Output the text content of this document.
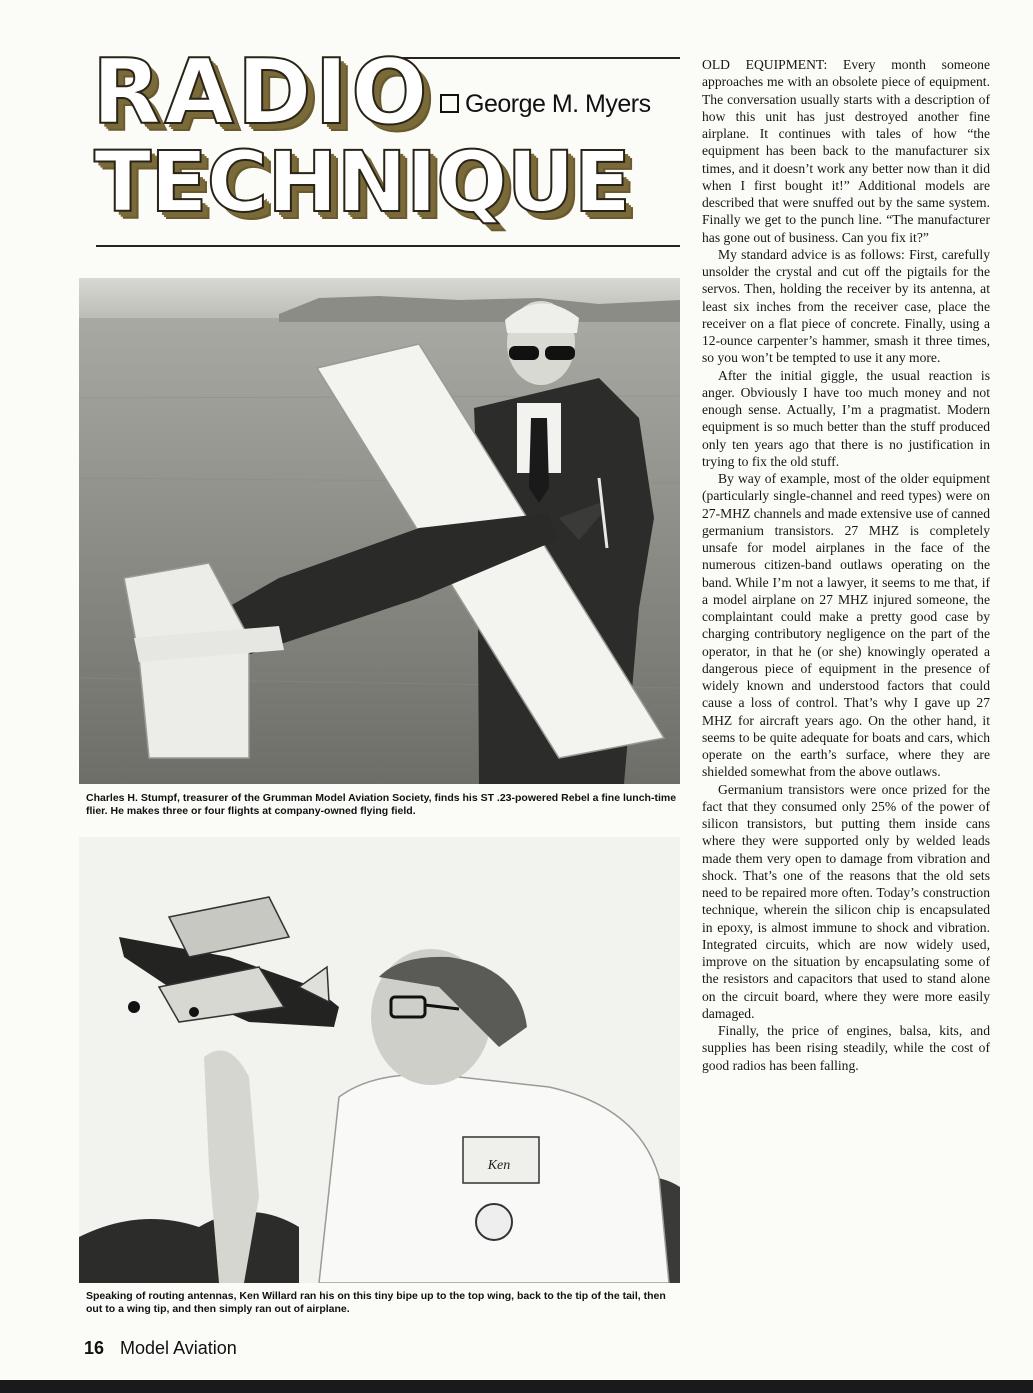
RADIO
TECHNIQUE
George M. Myers

Charles H. Stumpf, treasurer of the Grumman Model Aviation Society, finds his ST .23-powered Rebel a fine lunch-time flier. He makes three or four flights at company-owned flying field.

Ken

Speaking of routing antennas, Ken Willard ran his on this tiny bipe up to the top wing, back to the tip of the tail, then out to a wing tip, and then simply ran out of airplane.

OLD EQUIPMENT: Every month someone approaches me with an obsolete piece of equipment. The conversation usually starts with a description of how this unit has just destroyed another fine airplane. It continues with tales of how “the equipment has been back to the manufacturer six times, and it doesn’t work any better now than it did when I first bought it!” Additional models are described that were snuffed out by the same system. Finally we get to the punch line. “The manufacturer has gone out of business. Can you fix it?”

My standard advice is as follows: First, carefully unsolder the crystal and cut off the pigtails for the servos. Then, holding the receiver by its antenna, at least six inches from the receiver case, place the receiver on a flat piece of concrete. Finally, using a 12-ounce carpenter’s hammer, smash it three times, so you won’t be tempted to use it any more.

After the initial giggle, the usual reaction is anger. Obviously I have too much money and not enough sense. Actually, I’m a pragmatist. Modern equipment is so much better than the stuff produced only ten years ago that there is no justification in trying to fix the old stuff.

By way of example, most of the older equipment (particularly single-channel and reed types) were on 27-MHZ channels and made extensive use of canned germanium transistors. 27 MHZ is completely unsafe for model airplanes in the face of the numerous citizen-band outlaws operating on the band. While I’m not a lawyer, it seems to me that, if a model airplane on 27 MHZ injured someone, the complaintant could make a pretty good case by charging contributory negligence on the part of the operator, in that he (or she) knowingly operated a dangerous piece of equipment in the presence of widely known and understood factors that could cause a loss of control. That’s why I gave up 27 MHZ for aircraft years ago. On the other hand, it seems to be quite adequate for boats and cars, which operate on the earth’s surface, where they are shielded somewhat from the above outlaws.

Germanium transistors were once prized for the fact that they consumed only 25% of the power of silicon transistors, but putting them inside cans where they were supported only by welded leads made them very open to damage from vibration and shock. That’s one of the reasons that the old sets need to be repaired more often. Today’s construction technique, wherein the silicon chip is encapsulated in epoxy, is almost immune to shock and vibration. Integrated circuits, which are now widely used, improve on the situation by encapsulating some of the resistors and capacitors that used to stand alone on the circuit board, where they were more easily damaged.

Finally, the price of engines, balsa, kits, and supplies has been rising steadily, while the cost of good radios has been falling.

16 Model Aviation
